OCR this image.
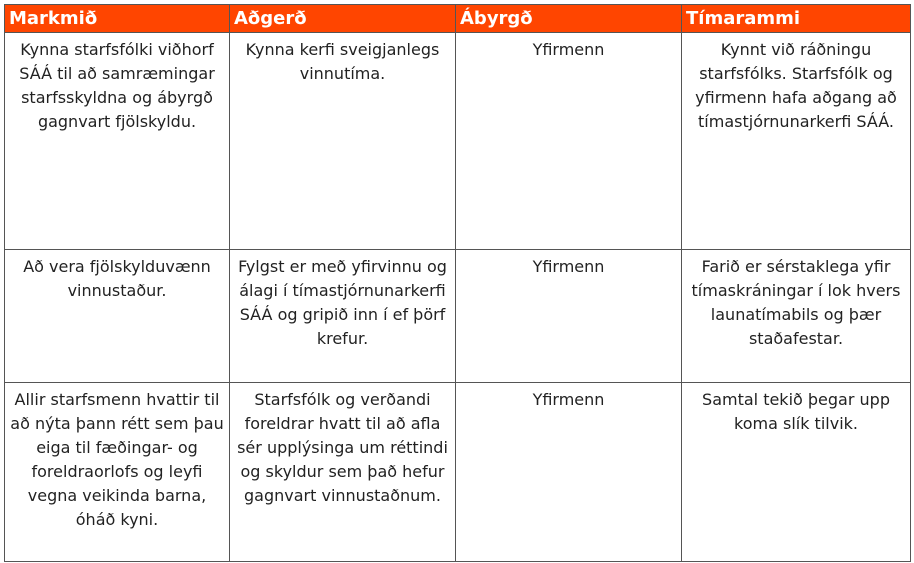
Markmið	Aðgerð	Ábyrgð	Tímarammi
Kynna starfsfólki viðhorf SÁÁ til að samræmingar starfsskyldna og ábyrgð gagnvart fjölskyldu.	Kynna kerfi sveigjanlegs vinnutíma.	Yfirmenn	Kynnt við ráðningu starfsfólks. Starfsfólk og yfirmenn hafa aðgang að tímastjórnunarkerfi SÁÁ.
Að vera fjölskylduvænn vinnustaður.	Fylgst er með yfirvinnu og álagi í tímastjórnunarkerfi SÁÁ og gripið inn í ef þörf krefur.	Yfirmenn	Farið er sérstaklega yfir tímaskráningar í lok hvers launatímabils og þær staðafestar.
Allir starfsmenn hvattir til að nýta þann rétt sem þau eiga til fæðingar- og foreldraorlofs og leyfi vegna veikinda barna, óháð kyni.	Starfsfólk og verðandi foreldrar hvatt til að afla sér upplýsinga um réttindi og skyldur sem það hefur gagnvart vinnustaðnum.	Yfirmenn	Samtal tekið þegar upp koma slík tilvik.
